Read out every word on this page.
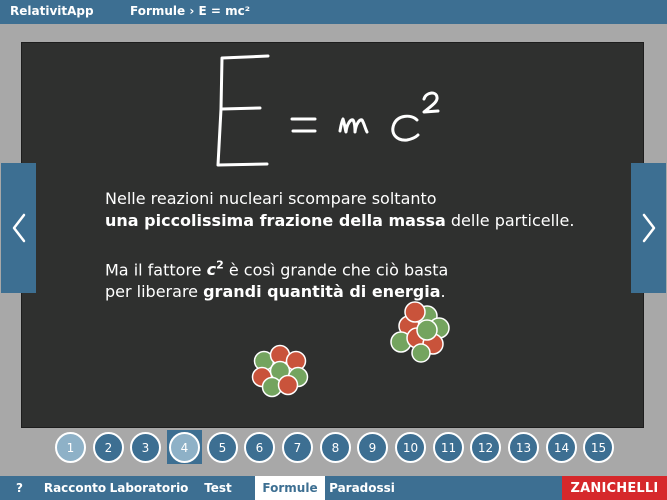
RelativitApp	Formule › E = mc²
Nelle reazioni nucleari scompare soltanto
una piccolissima frazione della massa delle particelle.
Ma il fattore $c^2$ è così grande che ciò basta
per liberare grandi quantità di energia.
1	2	3	4	5	6	7	8	9	10	11	12	13	14	15
? Racconto Laboratorio	Test	Formule Paradossi	ZANICHELLI
